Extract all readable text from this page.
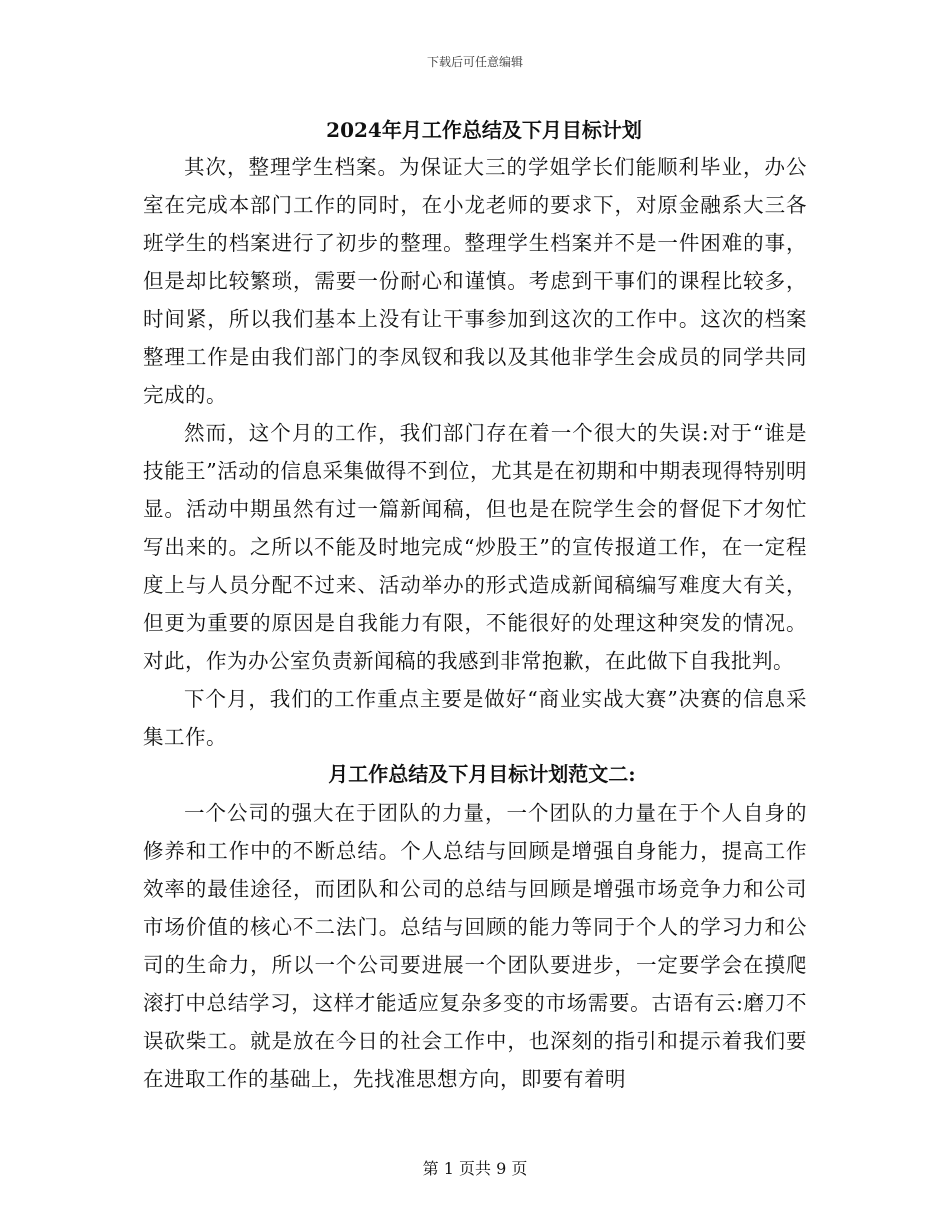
下载后可任意编辑
2024年月工作总结及下月目标计划

其次，整理学生档案。为保证大三的学姐学长们能顺利毕业，办公室在完成本部门工作的同时，在小龙老师的要求下，对原金融系大三各班学生的档案进行了初步的整理。整理学生档案并不是一件困难的事，但是却比较繁琐，需要一份耐心和谨慎。考虑到干事们的课程比较多，时间紧，所以我们基本上没有让干事参加到这次的工作中。这次的档案整理工作是由我们部门的李凤钗和我以及其他非学生会成员的同学共同完成的。

然而，这个月的工作，我们部门存在着一个很大的失误:对于“谁是技能王”活动的信息采集做得不到位，尤其是在初期和中期表现得特别明显。活动中期虽然有过一篇新闻稿，但也是在院学生会的督促下才匆忙写出来的。之所以不能及时地完成“炒股王”的宣传报道工作，在一定程度上与人员分配不过来、活动举办的形式造成新闻稿编写难度大有关，但更为重要的原因是自我能力有限，不能很好的处理这种突发的情况。对此，作为办公室负责新闻稿的我感到非常抱歉，在此做下自我批判。

下个月，我们的工作重点主要是做好“商业实战大赛”决赛的信息采集工作。

月工作总结及下月目标计划范文二:

一个公司的强大在于团队的力量，一个团队的力量在于个人自身的修养和工作中的不断总结。个人总结与回顾是增强自身能力，提高工作效率的最佳途径，而团队和公司的总结与回顾是增强市场竞争力和公司市场价值的核心不二法门。总结与回顾的能力等同于个人的学习力和公司的生命力，所以一个公司要进展一个团队要进步，一定要学会在摸爬滚打中总结学习，这样才能适应复杂多变的市场需要。古语有云:磨刀不误砍柴工。就是放在今日的社会工作中，也深刻的指引和提示着我们要在进取工作的基础上，先找准思想方向，即要有着明

第 1 页共 9 页
